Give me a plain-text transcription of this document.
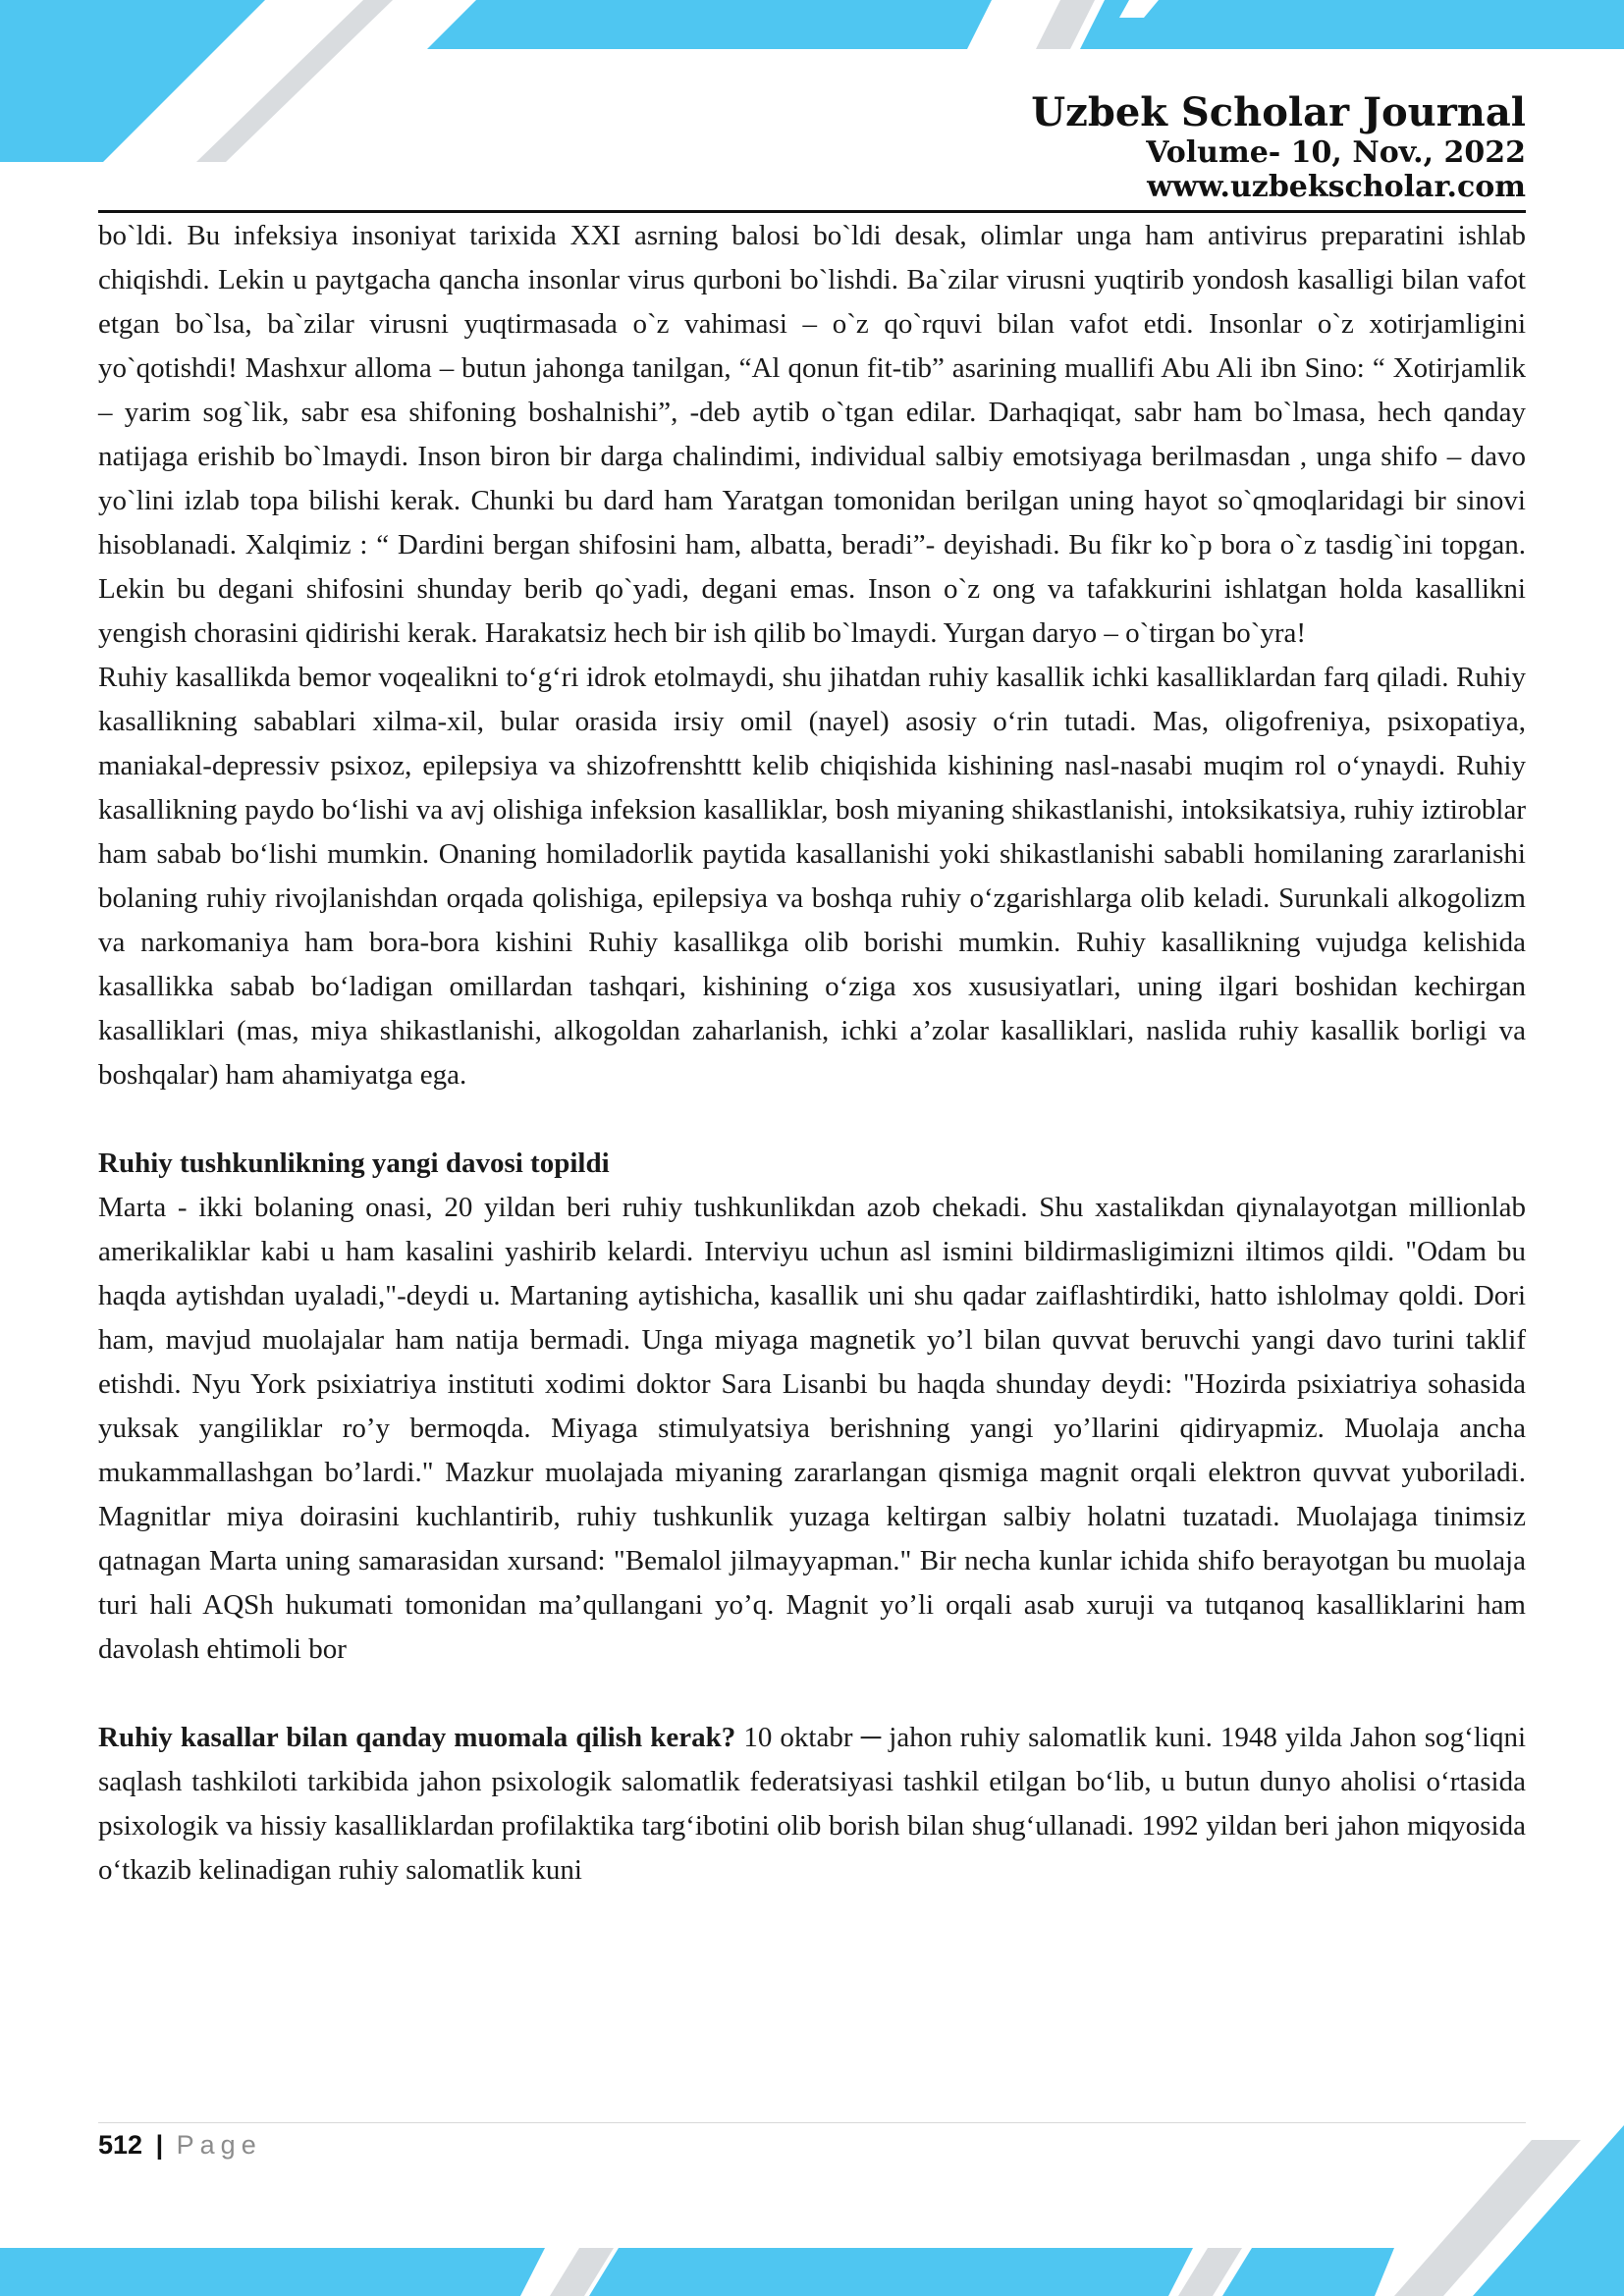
Uzbek Scholar Journal
Volume- 10, Nov., 2022
www.uzbekscholar.com

bo`ldi. Bu infeksiya insoniyat tarixida XXI asrning balosi bo`ldi desak, olimlar unga ham antivirus preparatini ishlab chiqishdi. Lekin u paytgacha qancha insonlar virus qurboni bo`lishdi. Ba`zilar virusni yuqtirib yondosh kasalligi bilan vafot etgan bo`lsa, ba`zilar virusni yuqtirmasada o`z vahimasi – o`z qo`rquvi bilan vafot etdi. Insonlar o`z xotirjamligini yo`qotishdi! Mashxur alloma – butun jahonga tanilgan, “Al qonun fit-tib” asarining muallifi Abu Ali ibn Sino: “ Xotirjamlik – yarim sog`lik, sabr esa shifoning boshalnishi”, -deb aytib o`tgan edilar. Darhaqiqat, sabr ham bo`lmasa, hech qanday natijaga erishib bo`lmaydi. Inson biron bir darga chalindimi, individual salbiy emotsiyaga berilmasdan , unga shifo – davo yo`lini izlab topa bilishi kerak. Chunki bu dard ham Yaratgan tomonidan berilgan uning hayot so`qmoqlaridagi bir sinovi hisoblanadi. Xalqimiz : “ Dardini bergan shifosini ham, albatta, beradi”- deyishadi. Bu fikr ko`p bora o`z tasdig`ini topgan. Lekin bu degani shifosini shunday berib qo`yadi, degani emas. Inson o`z ong va tafakkurini ishlatgan holda kasallikni yengish chorasini qidirishi kerak. Harakatsiz hech bir ish qilib bo`lmaydi. Yurgan daryo – o`tirgan bo`yra!

Ruhiy kasallikda bemor voqealikni toʻgʻri idrok etolmaydi, shu jihatdan ruhiy kasallik ichki kasalliklardan farq qiladi. Ruhiy kasallikning sabablari xilma-xil, bular orasida irsiy omil (nayel) asosiy oʻrin tutadi. Mas, oligofreniya, psixopatiya, maniakal-depressiv psixoz, epilepsiya va shizofrenshttt kelib chiqishida kishining nasl-nasabi muqim rol oʻynaydi. Ruhiy kasallikning paydo boʻlishi va avj olishiga infeksion kasalliklar, bosh miyaning shikastlanishi, intoksikatsiya, ruhiy iztiroblar ham sabab boʻlishi mumkin. Onaning homiladorlik paytida kasallanishi yoki shikastlanishi sababli homilaning zararlanishi bolaning ruhiy rivojlanishdan orqada qolishiga, epilepsiya va boshqa ruhiy oʻzgarishlarga olib keladi. Surunkali alkogolizm va narkomaniya ham bora-bora kishini Ruhiy kasallikga olib borishi mumkin. Ruhiy kasallikning vujudga kelishida kasallikka sabab boʻladigan omillardan tashqari, kishining oʻziga xos xususiyatlari, uning ilgari boshidan kechirgan kasalliklari (mas, miya shikastlanishi, alkogoldan zaharlanish, ichki aʼzolar kasalliklari, naslida ruhiy kasallik borligi va boshqalar) ham ahamiyatga ega.

Ruhiy tushkunlikning yangi davosi topildi

Marta - ikki bolaning onasi, 20 yildan beri ruhiy tushkunlikdan azob chekadi. Shu xastalikdan qiynalayotgan millionlab amerikaliklar kabi u ham kasalini yashirib kelardi. Interviyu uchun asl ismini bildirmasligimizni iltimos qildi. "Odam bu haqda aytishdan uyaladi,"-deydi u. Martaning aytishicha, kasallik uni shu qadar zaiflashtirdiki, hatto ishlolmay qoldi. Dori ham, mavjud muolajalar ham natija bermadi. Unga miyaga magnetik yoʼl bilan quvvat beruvchi yangi davo turini taklif etishdi. Nyu York psixiatriya instituti xodimi doktor Sara Lisanbi bu haqda shunday deydi: "Hozirda psixiatriya sohasida yuksak yangiliklar roʼy bermoqda. Miyaga stimulyatsiya berishning yangi yoʼllarini qidiryapmiz. Muolaja ancha mukammallashgan boʼlardi." Mazkur muolajada miyaning zararlangan qismiga magnit orqali elektron quvvat yuboriladi. Magnitlar miya doirasini kuchlantirib, ruhiy tushkunlik yuzaga keltirgan salbiy holatni tuzatadi. Muolajaga tinimsiz qatnagan Marta uning samarasidan xursand: "Bemalol jilmayyapman." Bir necha kunlar ichida shifo berayotgan bu muolaja turi hali AQSh hukumati tomonidan maʼqullangani yoʼq. Magnit yoʼli orqali asab xuruji va tutqanoq kasalliklarini ham davolash ehtimoli bor

Ruhiy kasallar bilan qanday muomala qilish kerak? 10 oktabr ─ jahon ruhiy salomatlik kuni. 1948 yilda Jahon sogʻliqni saqlash tashkiloti tarkibida jahon psixologik salomatlik federatsiyasi tashkil etilgan boʻlib, u butun dunyo aholisi oʻrtasida psixologik va hissiy kasalliklardan profilaktika targʻibotini olib borish bilan shugʻullanadi. 1992 yildan beri jahon miqyosida oʻtkazib kelinadigan ruhiy salomatlik kuni

512 | Page
